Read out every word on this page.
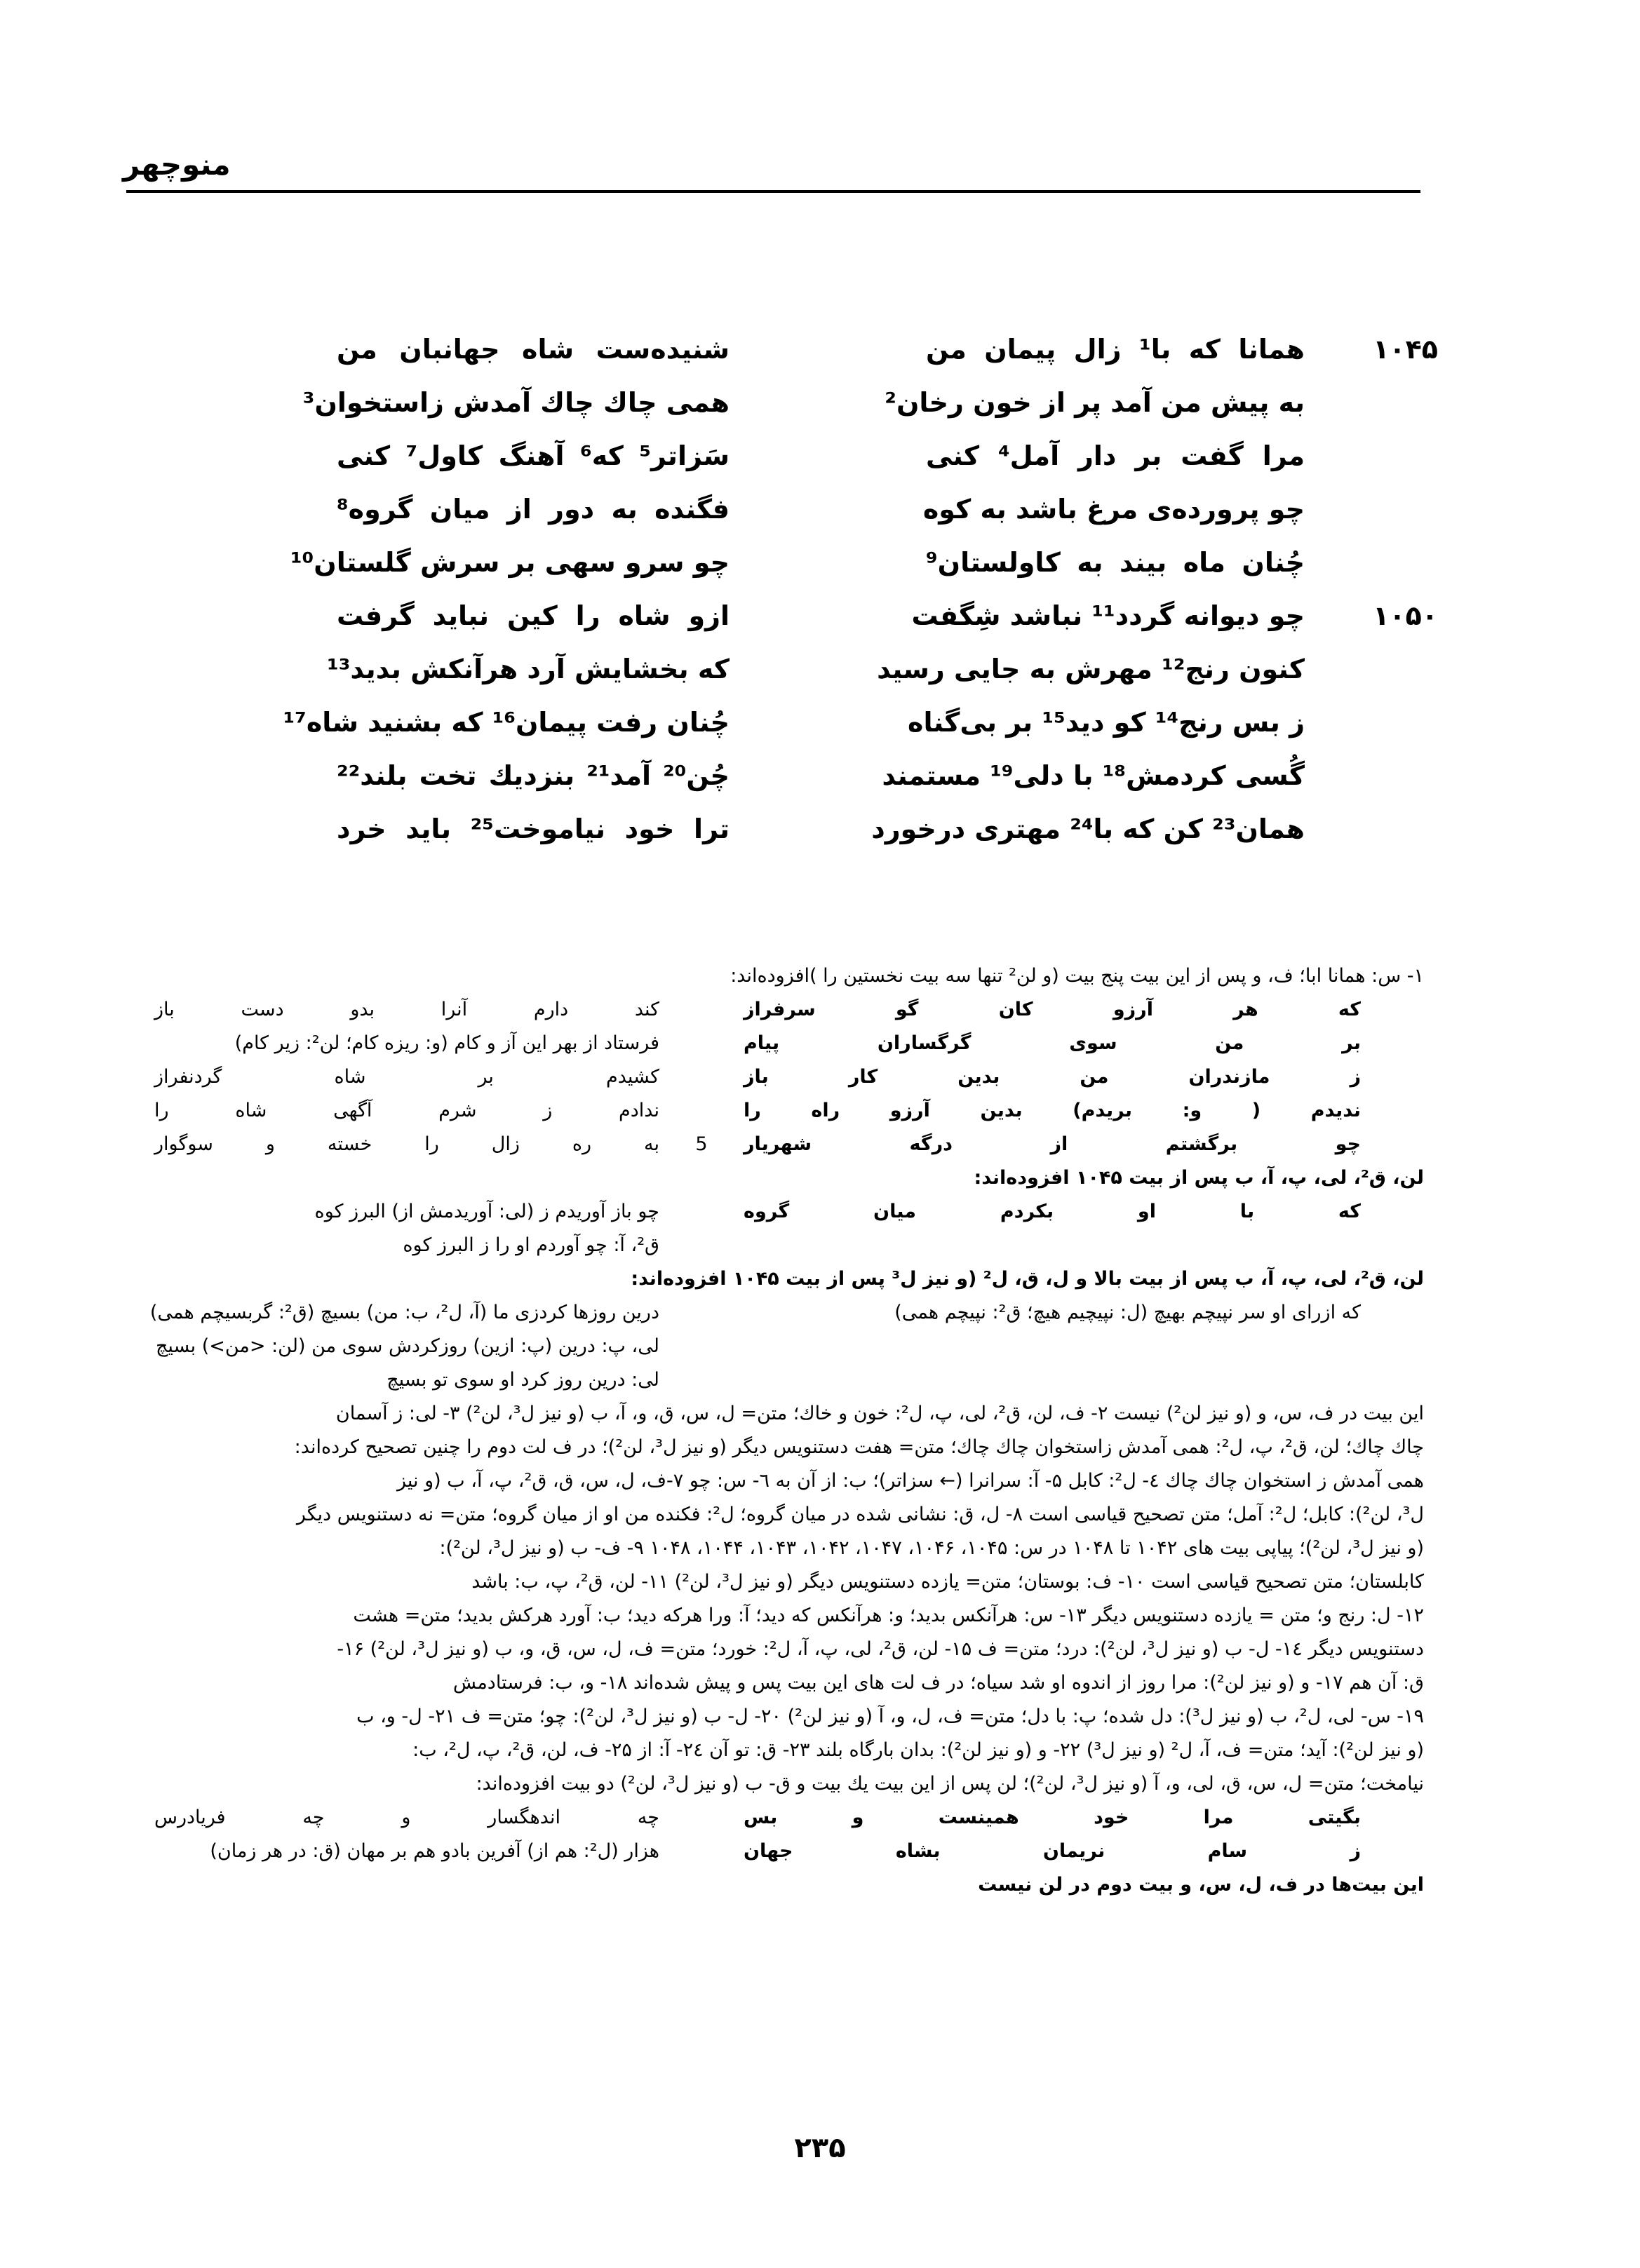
منوچهر
۱۰۴۵
همانا که با¹ زال پیمان من
شنیده‌ست شاه جهانبان من
به پیش من آمد پر از خون رخان²
همی چاك چاك آمدش زاستخوان³
مرا گفت بر دار آمل⁴ کنی
سَزاتر⁵ که⁶ آهنگ کاول⁷ کنی
چو پرورده‌ی مرغ باشد به کوه
فگنده به دور از میان گروه⁸
چُنان ماه بیند به کاولستان⁹
چو سرو سهی بر سرش گلستان¹⁰
۱۰۵۰
چو دیوانه گردد¹¹ نباشد شِگفت
ازو شاه را کین نباید گرفت
کنون رنج¹² مهرش به جایی رسید
که بخشایش آرد هرآنکش بدید¹³
ز بس رنج¹⁴ کو دید¹⁵ بر بی‌گناه
چُنان رفت پیمان¹⁶ که بشنید شاه¹⁷
گُسی کردمش¹⁸ با دلی¹⁹ مستمند
چُن²⁰ آمد²¹ بنزدیك تخت بلند²²
همان²³ کن که با²⁴ مهتری درخورد
ترا خود نیاموخت²⁵ باید خرد
۱- س: همانا ابا؛ ف، و پس از این بیت پنج بیت (و لن² تنها سه بیت نخستین را )افزوده‌اند:
که هر آرزو کان گو سرفراز
کند دارم آنرا بدو دست باز
بر من سوی گرگساران پیام
فرستاد از بهر این آز و کام (و: ریزه کام؛ لن²: زیر کام)
ز مازندران من بدین کار باز
کشیدم بر شاه گردنفراز
ندیدم ( و: بریدم) بدین آرزو راه را
ندادم ز شرم آگهی شاه را
5	چو برگشتم از درگه شهریار
به ره زال را خسته و سوگوار
لن، ق²، لی، پ، آ، ب پس از بیت ۱۰۴۵ افزوده‌اند:
که با او بکردم میان گروه
چو باز آوریدم ز (لی: آوریدمش از) البرز کوه
ق²، آ: چو آوردم او را ز البرز کوه
لن، ق²، لی، پ، آ، ب پس از بیت بالا و ل، ق، ل² (و نیز ل³ پس از بیت ۱۰۴۵ افزوده‌اند:
که ازرای او سر نپیچم بهیچ (ل: نپیچیم هیچ؛ ق²: نپیچم همی)
درین روزها کردزی ما (آ، ل²، ب: من) بسیچ (ق²: گربسیچم همی)
لی، پ: درین (پ: ازین) روزکردش سوی من (لن: <من>) بسیچ
لی: درین روز کرد او سوی تو بسیچ
این بیت در ف، س، و (و نیز لن²) نیست ۲- ف، لن، ق²، لی، پ، ل²: خون و خاك؛ متن= ل، س، ق، و، آ، ب (و نیز ل³، لن²) ۳- لی: ز آسمان
چاك چاك؛ لن، ق²، پ، ل²: همی آمدش زاستخوان چاك چاك؛ متن= هفت دستنویس دیگر (و نیز ل³، لن²)؛ در ف لت دوم را چنین تصحیح کرده‌اند:
همی آمدش ز استخوان چاك چاك ٤- ل²: کابل ۵- آ: سرانرا (← سزاتر)؛ ب: از آن به ٦- س: چو ۷-ف، ل، س، ق، ق²، پ، آ، ب (و نیز
ل³، لن²): کابل؛ ل²: آمل؛ متن تصحیح قیاسی است ۸- ل، ق: نشانی شده در میان گروه؛ ل²: فکنده من او از میان گروه؛ متن= نه دستنویس دیگر
(و نیز ل³، لن²)؛ پیاپی بیت های ۱۰۴۲ تا ۱۰۴۸ در س: ۱۰۴۵، ۱۰۴۶، ۱۰۴۷، ۱۰۴۲، ۱۰۴۳، ۱۰۴۴، ۱۰۴۸ ۹- ف- ب (و نیز ل³، لن²):
کابلستان؛ متن تصحیح قیاسی است ۱۰- ف: بوستان؛ متن= یازده دستنویس دیگر (و نیز ل³، لن²) ۱۱- لن، ق²، پ، ب: باشد
۱۲- ل: رنج و؛ متن = یازده دستنویس دیگر ۱۳- س: هرآنکس بدید؛ و: هرآنکس که دید؛ آ: ورا هرکه دید؛ ب: آورد هرکش بدید؛ متن= هشت
دستنویس دیگر ١٤- ل- ب (و نیز ل³، لن²): درد؛ متن= ف ۱۵- لن، ق²، لی، پ، آ، ل²: خورد؛ متن= ف، ل، س، ق، و، ب (و نیز ل³، لن²) ۱۶-
ق: آن هم ۱۷- و (و نیز لن²): مرا روز از اندوه او شد سیاه؛ در ف لت های این بیت پس و پیش شده‌اند ۱۸- و، ب: فرستادمش
۱۹- س- لی، ل²، ب (و نیز ل³): دل شده؛ پ: با دل؛ متن= ف، ل، و، آ (و نیز لن²) ۲۰- ل- ب (و نیز ل³، لن²): چو؛ متن= ف ۲۱- ل- و، ب
(و نیز لن²): آید؛ متن= ف، آ، ل² (و نیز ل³) ۲۲- و (و نیز لن²): بدان بارگاه بلند ۲۳- ق: تو آن ٢٤- آ: از ۲۵- ف، لن، ق²، پ، ل²، ب:
نیامخت؛ متن= ل، س، ق، لی، و، آ (و نیز ل³، لن²)؛ لن پس از این بیت یك بیت و ق- ب (و نیز ل³، لن²) دو بیت افزوده‌اند:
بگیتی مرا خود همینست و بس
چه اندهگسار و چه فریادرس
ز سام نریمان بشاه جهان
هزار (ل²: هم از) آفرین بادو هم بر مهان (ق: در هر زمان)
این بیت‌ها در ف، ل، س، و بیت دوم در لن نیست
۲۳۵
